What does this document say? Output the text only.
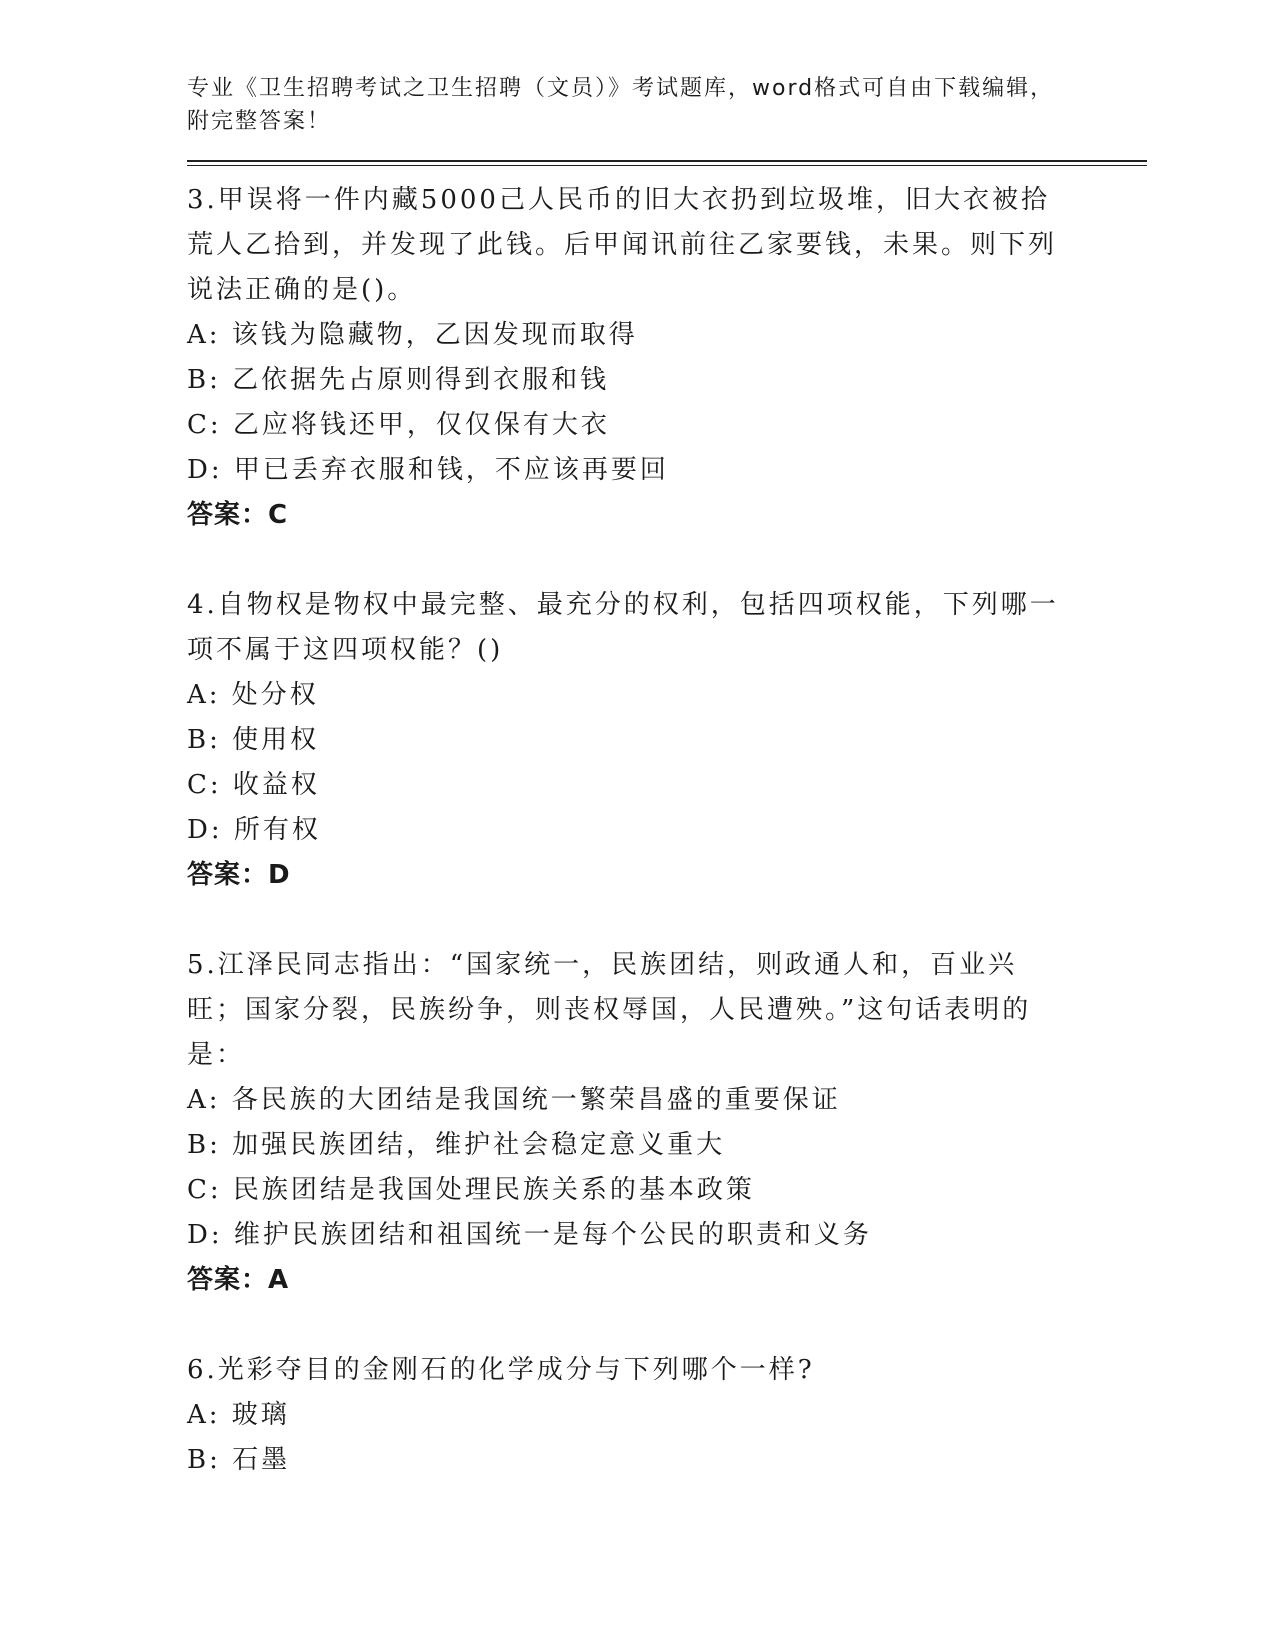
专业《卫生招聘考试之卫生招聘（文员）》考试题库，word格式可自由下载编辑，附完整答案！
3.甲误将一件内藏5000己人民币的旧大衣扔到垃圾堆，旧大衣被拾荒人乙拾到，并发现了此钱。后甲闻讯前往乙家要钱，未果。则下列说法正确的是()。
A: 该钱为隐藏物，乙因发现而取得
B: 乙依据先占原则得到衣服和钱
C: 乙应将钱还甲，仅仅保有大衣
D: 甲已丢弃衣服和钱，不应该再要回
答案：C
4.自物权是物权中最完整、最充分的权利，包括四项权能，下列哪一项不属于这四项权能？()
A: 处分权
B: 使用权
C: 收益权
D: 所有权
答案：D
5.江泽民同志指出：“国家统一，民族团结，则政通人和，百业兴旺；国家分裂，民族纷争，则丧权辱国，人民遭殃。”这句话表明的是：
A: 各民族的大团结是我国统一繁荣昌盛的重要保证
B: 加强民族团结，维护社会稳定意义重大
C: 民族团结是我国处理民族关系的基本政策
D: 维护民族团结和祖国统一是每个公民的职责和义务
答案：A
6.光彩夺目的金刚石的化学成分与下列哪个一样?
A: 玻璃
B: 石墨
